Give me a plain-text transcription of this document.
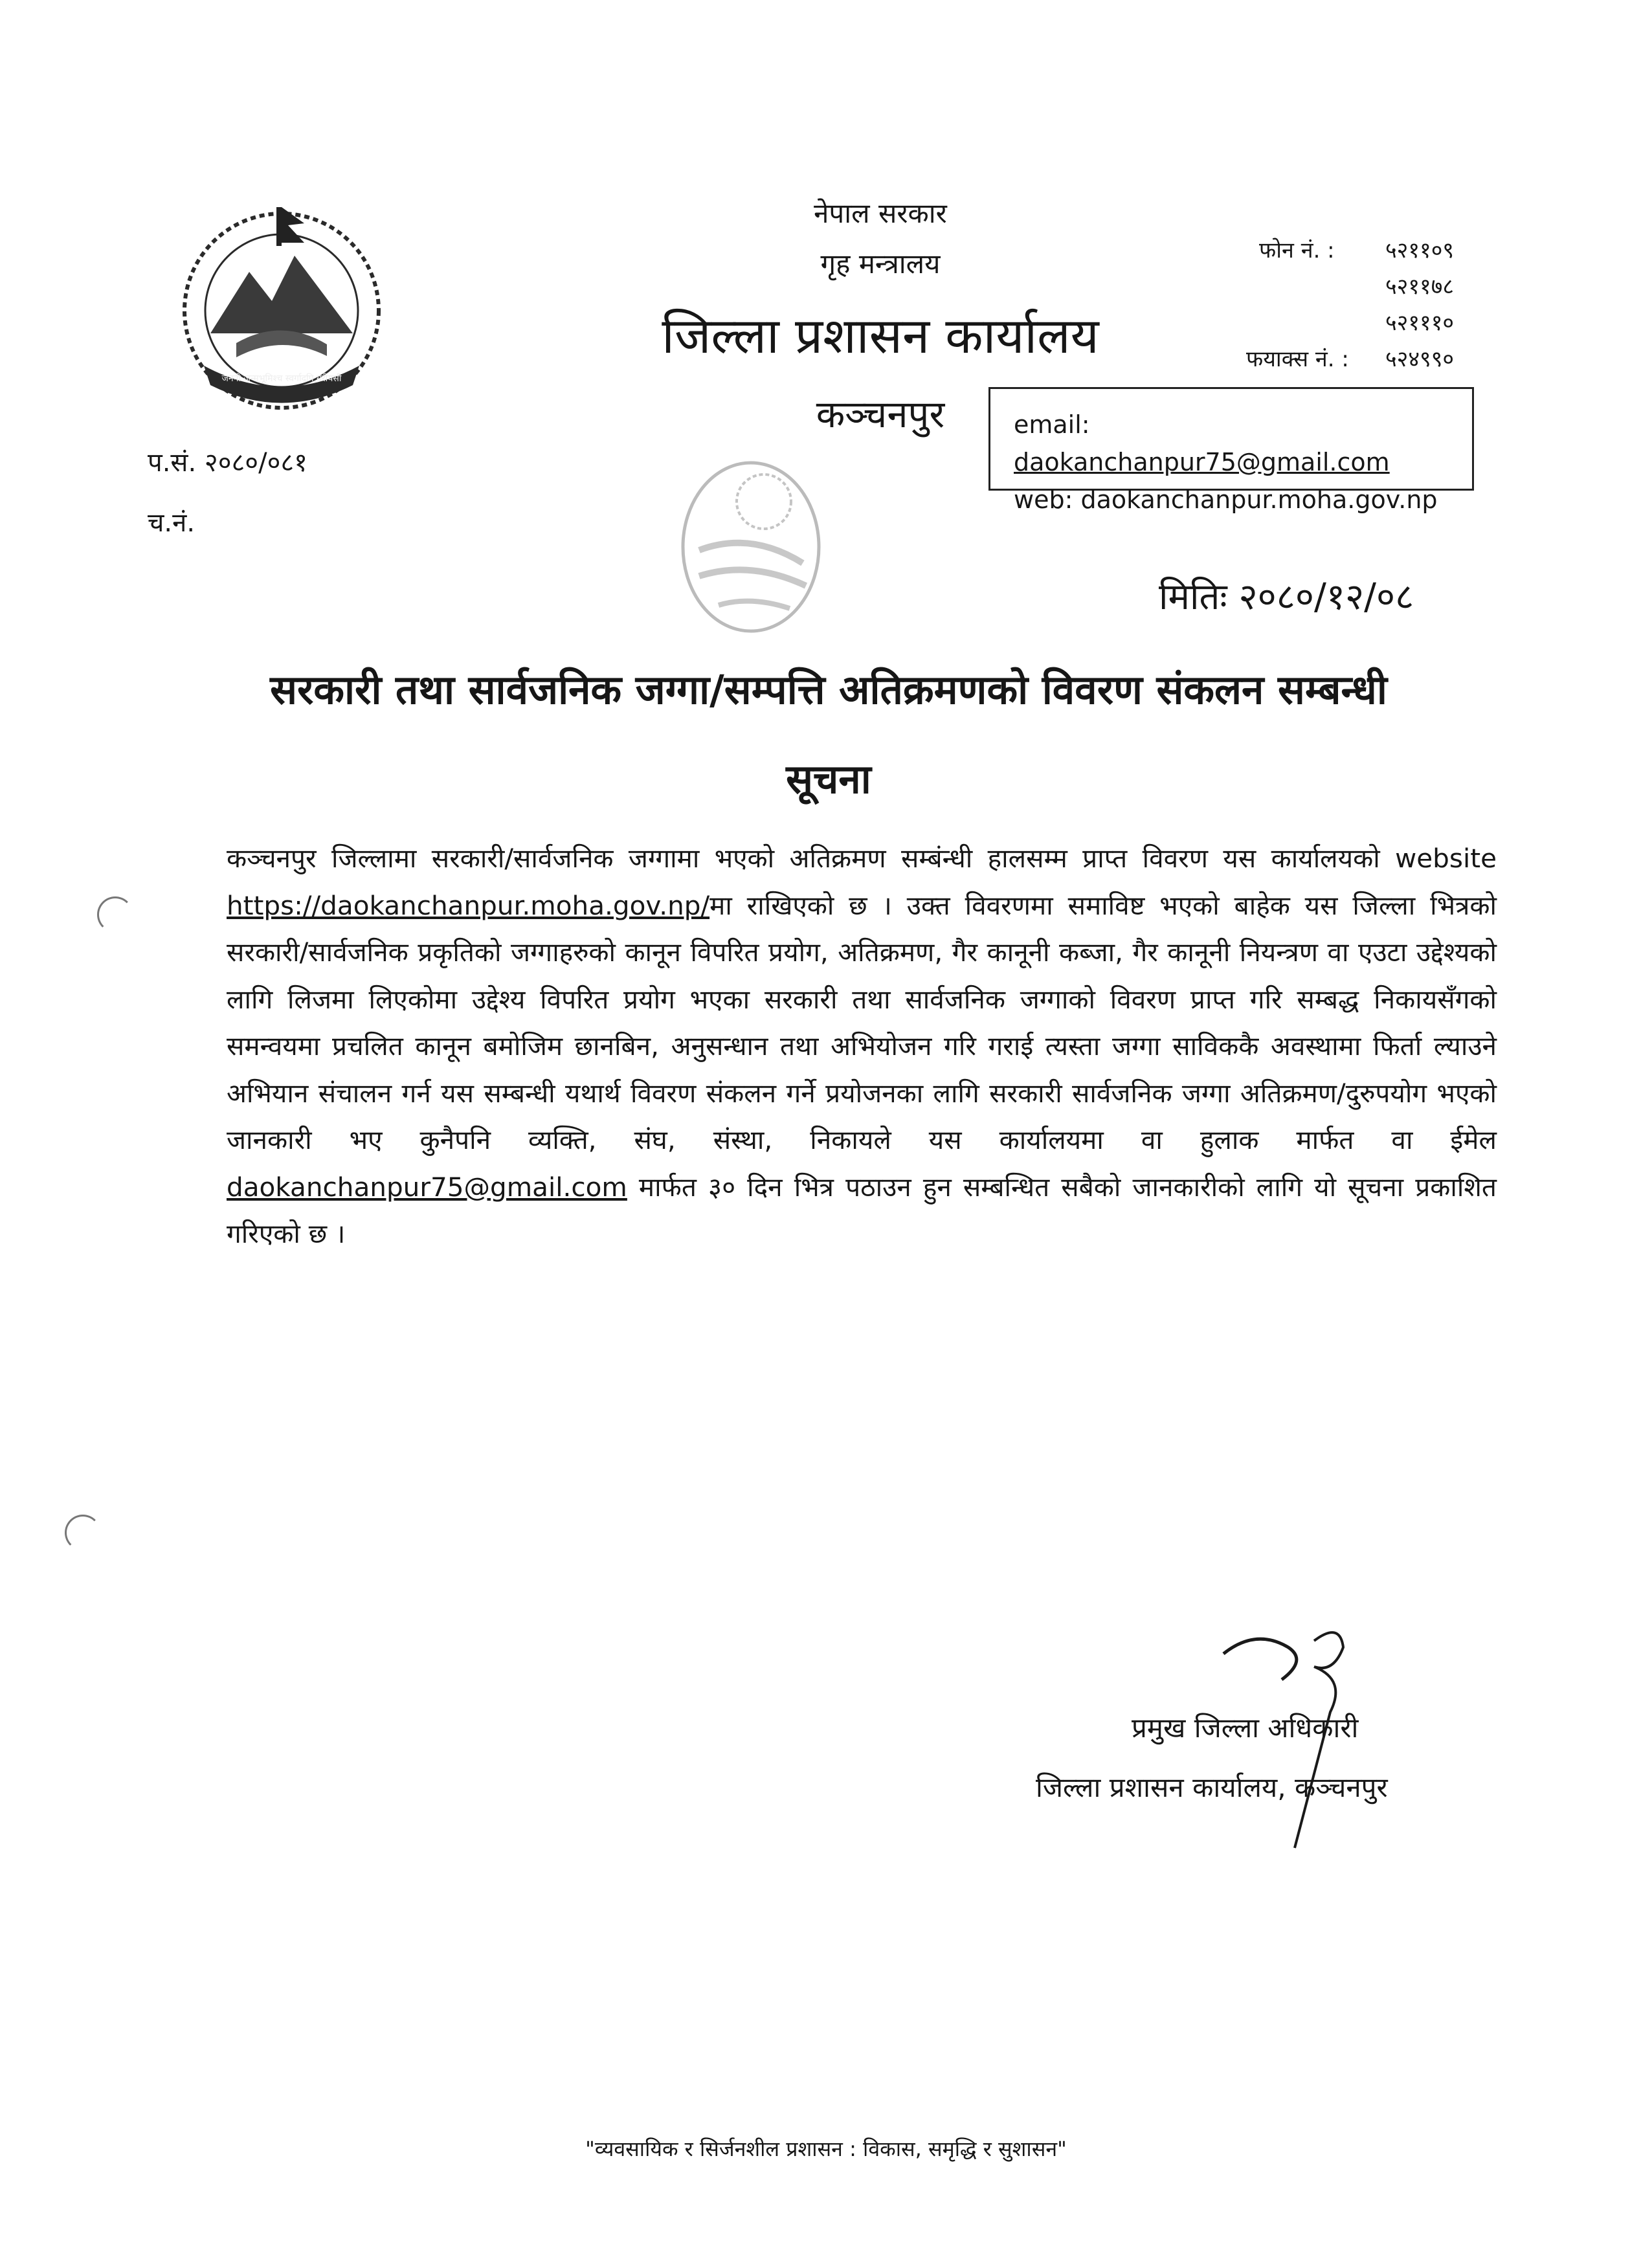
जननी जन्मभूमिश्च स्वर्गादपि गरीयसी
नेपाल सरकार
गृह मन्त्रालय
जिल्ला प्रशासन कार्यालय
कञ्चनपुर
फोन नं. : ५२११०९
५२११७८
५२१११०
फयाक्स नं. : ५२४९९०
email: daokanchanpur75@gmail.com
web: daokanchanpur.moha.gov.np
प.सं. २०८०/०८१
च.नं.
मितिः २०८०/१२/०८
सरकारी तथा सार्वजनिक जग्गा/सम्पत्ति अतिक्रमणको विवरण संकलन सम्बन्धी
सूचना
कञ्चनपुर जिल्लामा सरकारी/सार्वजनिक जग्गामा भएको अतिक्रमण सम्बंन्धी हालसम्म प्राप्त विवरण यस कार्यालयको website https://daokanchanpur.moha.gov.np/मा राखिएको छ । उक्त विवरणमा समाविष्ट भएको बाहेक यस जिल्ला भित्रको सरकारी/सार्वजनिक प्रकृतिको जग्गाहरुको कानून विपरित प्रयोग, अतिक्रमण, गैर कानूनी कब्जा, गैर कानूनी नियन्त्रण वा एउटा उद्देश्यको लागि लिजमा लिएकोमा उद्देश्य विपरित प्रयोग भएका सरकारी तथा सार्वजनिक जग्गाको विवरण प्राप्त गरि सम्बद्ध निकायसँगको समन्वयमा प्रचलित कानून बमोजिम छानबिन, अनुसन्धान तथा अभियोजन गरि गराई त्यस्ता जग्गा साविककै अवस्थामा फिर्ता ल्याउने अभियान संचालन गर्न यस सम्बन्धी यथार्थ विवरण संकलन गर्ने प्रयोजनका लागि सरकारी सार्वजनिक जग्गा अतिक्रमण/दुरुपयोग भएको जानकारी भए कुनैपनि व्यक्ति, संघ, संस्था, निकायले यस कार्यालयमा वा हुलाक मार्फत वा ईमेल daokanchanpur75@gmail.com मार्फत ३० दिन भित्र पठाउन हुन सम्बन्धित सबैको जानकारीको लागि यो सूचना प्रकाशित गरिएको छ ।
प्रमुख जिल्ला अधिकारी
जिल्ला प्रशासन कार्यालय, कञ्चनपुर
"व्यवसायिक र सिर्जनशील प्रशासन : विकास, समृद्धि र सुशासन"
